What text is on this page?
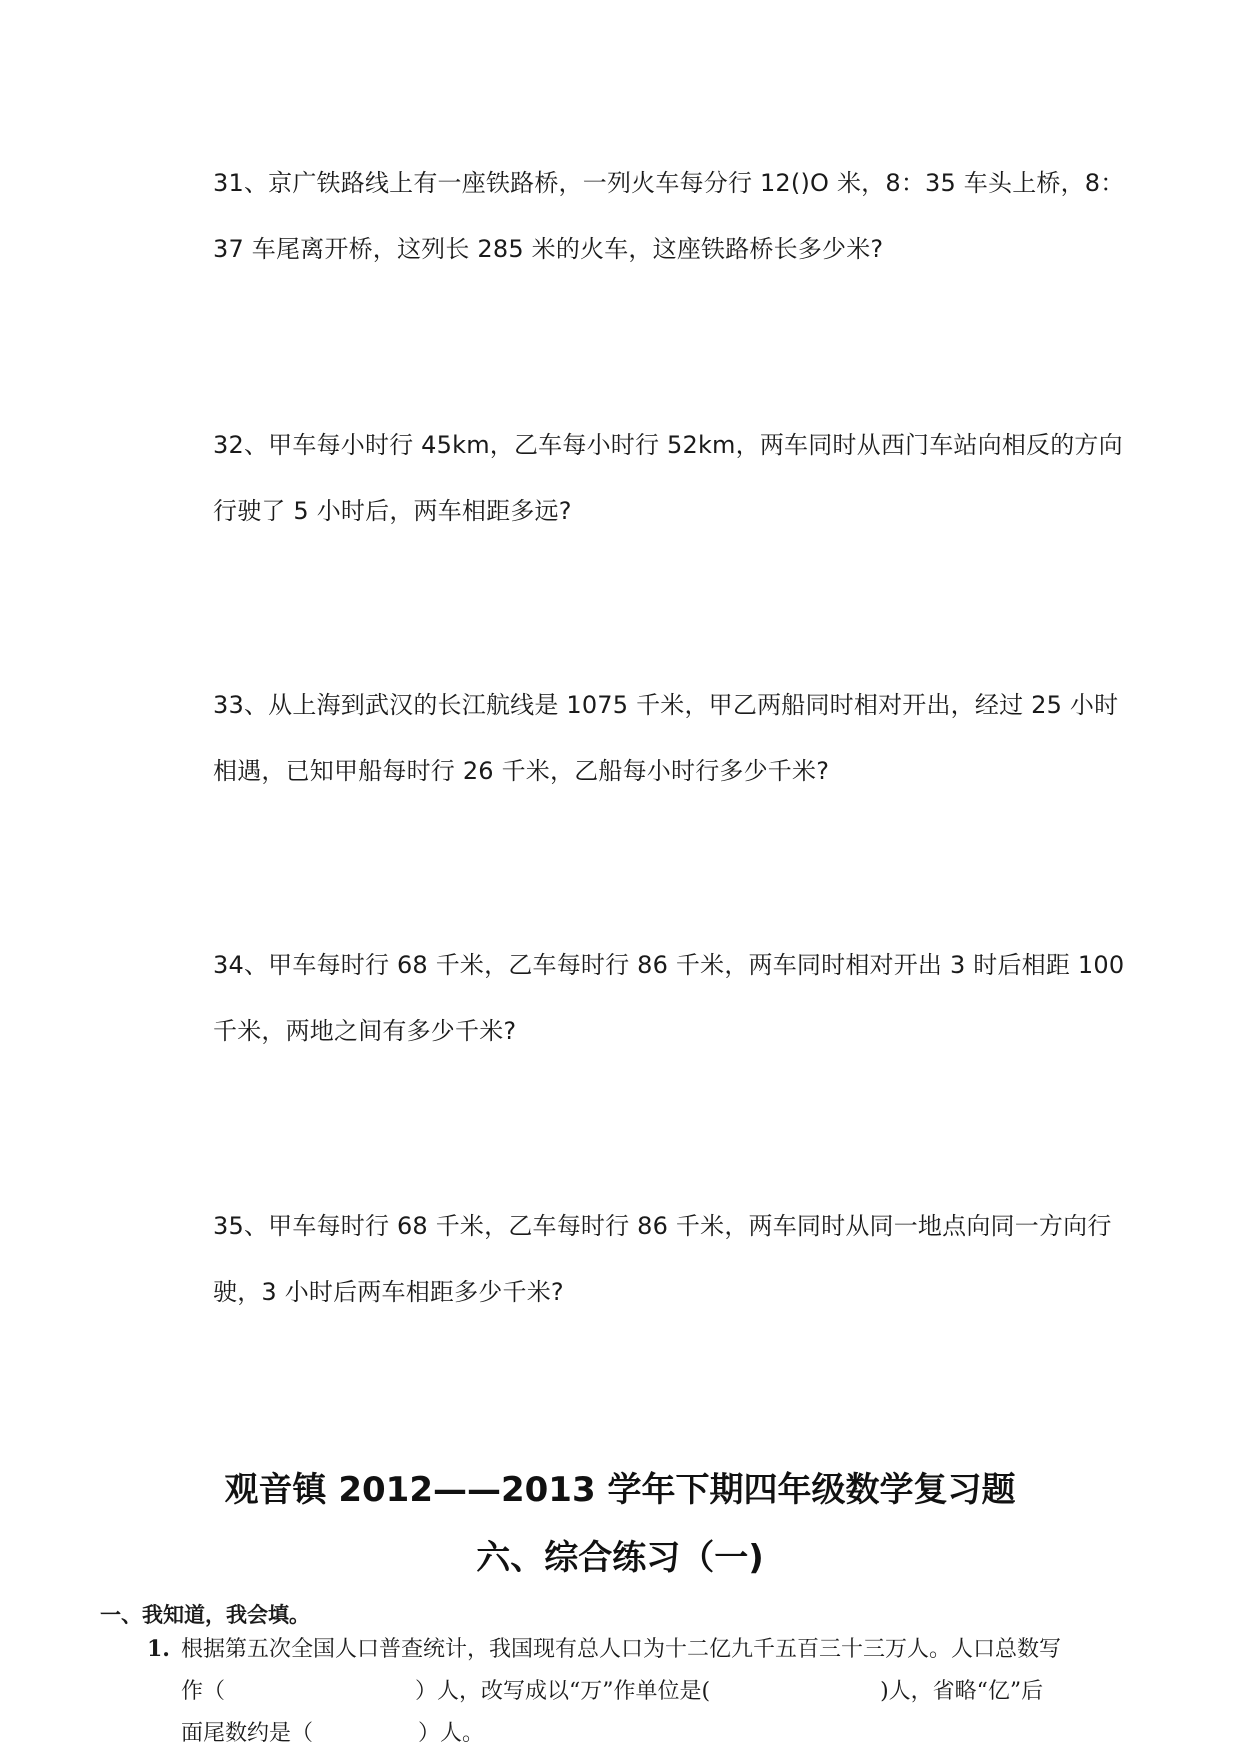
31、京广铁路线上有一座铁路桥，一列火车每分行 12()O 米，8：35 车头上桥，8：
37 车尾离开桥，这列长 285 米的火车，这座铁路桥长多少米?
32、甲车每小时行 45km，乙车每小时行 52km，两车同时从西门车站向相反的方向
行驶了 5 小时后，两车相距多远?
33、从上海到武汉的长江航线是 1075 千米，甲乙两船同时相对开出，经过 25 小时
相遇，已知甲船每时行 26 千米，乙船每小时行多少千米?
34、甲车每时行 68 千米，乙车每时行 86 千米，两车同时相对开出 3 时后相距 100
千米，两地之间有多少千米?
35、甲车每时行 68 千米，乙车每时行 86 千米，两车同时从同一地点向同一方向行
驶，3 小时后两车相距多少千米?
观音镇 2012——2013 学年下期四年级数学复习题
六、综合练习（一)
一、我知道，我会填。
1. 根据第五次全国人口普查统计，我国现有总人口为十二亿九千五百三十三万人。人口总数写
作（	）人，改写成以“万”作单位是(	)人，省略“亿”后
面尾数约是（	）人。
